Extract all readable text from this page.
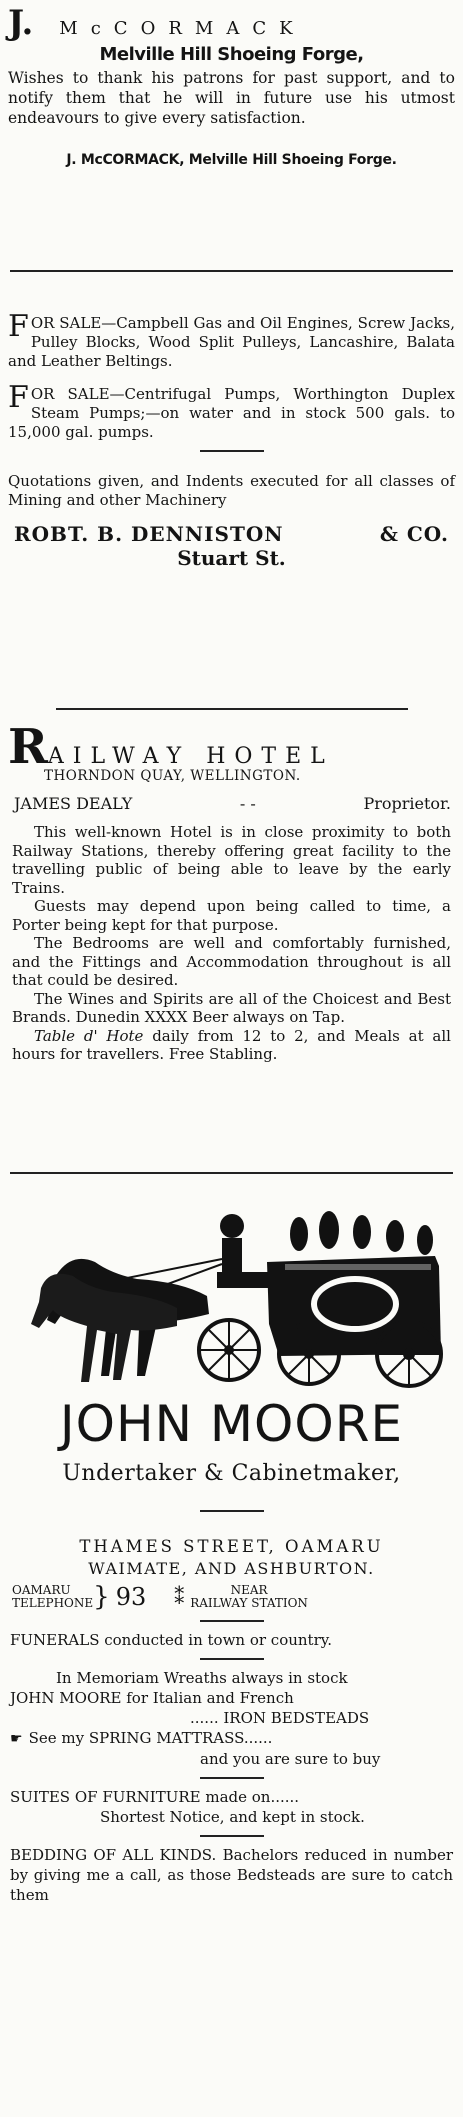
J. McCORMACK
Melville Hill Shoeing Forge,
Wishes to thank his patrons for past support, and to notify them that he will in future use his utmost endeavours to give every satisfaction.
J. McCORMACK, Melville Hill Shoeing Forge.
FOR SALE—Campbell Gas and Oil Engines, Screw Jacks, Pulley Blocks, Wood Split Pulleys, Lancashire, Balata and Leather Beltings.
FOR SALE—Centrifugal Pumps, Worthington Duplex Steam Pumps;—on water and in stock 500 gals. to 15,000 gal. pumps.
Quotations given, and Indents executed for all classes of Mining and other Machinery
ROBT. B. DENNISTON	& CO.
Stuart St.
R AILWAY HOTEL
THORNDON QUAY, WELLINGTON.
JAMES DEALY	- -	Proprietor.

This well-known Hotel is in close proximity to both Railway Stations, thereby offering great facility to the travelling public of being able to leave by the early Trains.

Guests may depend upon being called to time, a Porter being kept for that purpose.

The Bedrooms are well and comfortably furnished, and the Fittings and Accommodation throughout is all that could be desired.

The Wines and Spirits are all of the Choicest and Best Brands. Dunedin XXXX Beer always on Tap.

Table d' Hote daily from 12 to 2, and Meals at all hours for travellers. Free Stabling.

JOHN MOORE
Undertaker & Cabinetmaker,
THAMES STREET, OAMARU
WAIMATE, AND ASHBURTON.
OAMARU
TELEPHONE } 93 ⁑	NEAR
RAILWAY STATION
FUNERALS conducted in town or country.
In Memoriam Wreaths always in stock
JOHN MOORE for Italian and French
...... IRON BEDSTEADS
☛ See my SPRING MATTRASS......
and you are sure to buy
SUITES OF FURNITURE made on......
Shortest Notice, and kept in stock.
BEDDING OF ALL KINDS. Bachelors reduced in number by giving me a call, as those Bedsteads are sure to catch them
